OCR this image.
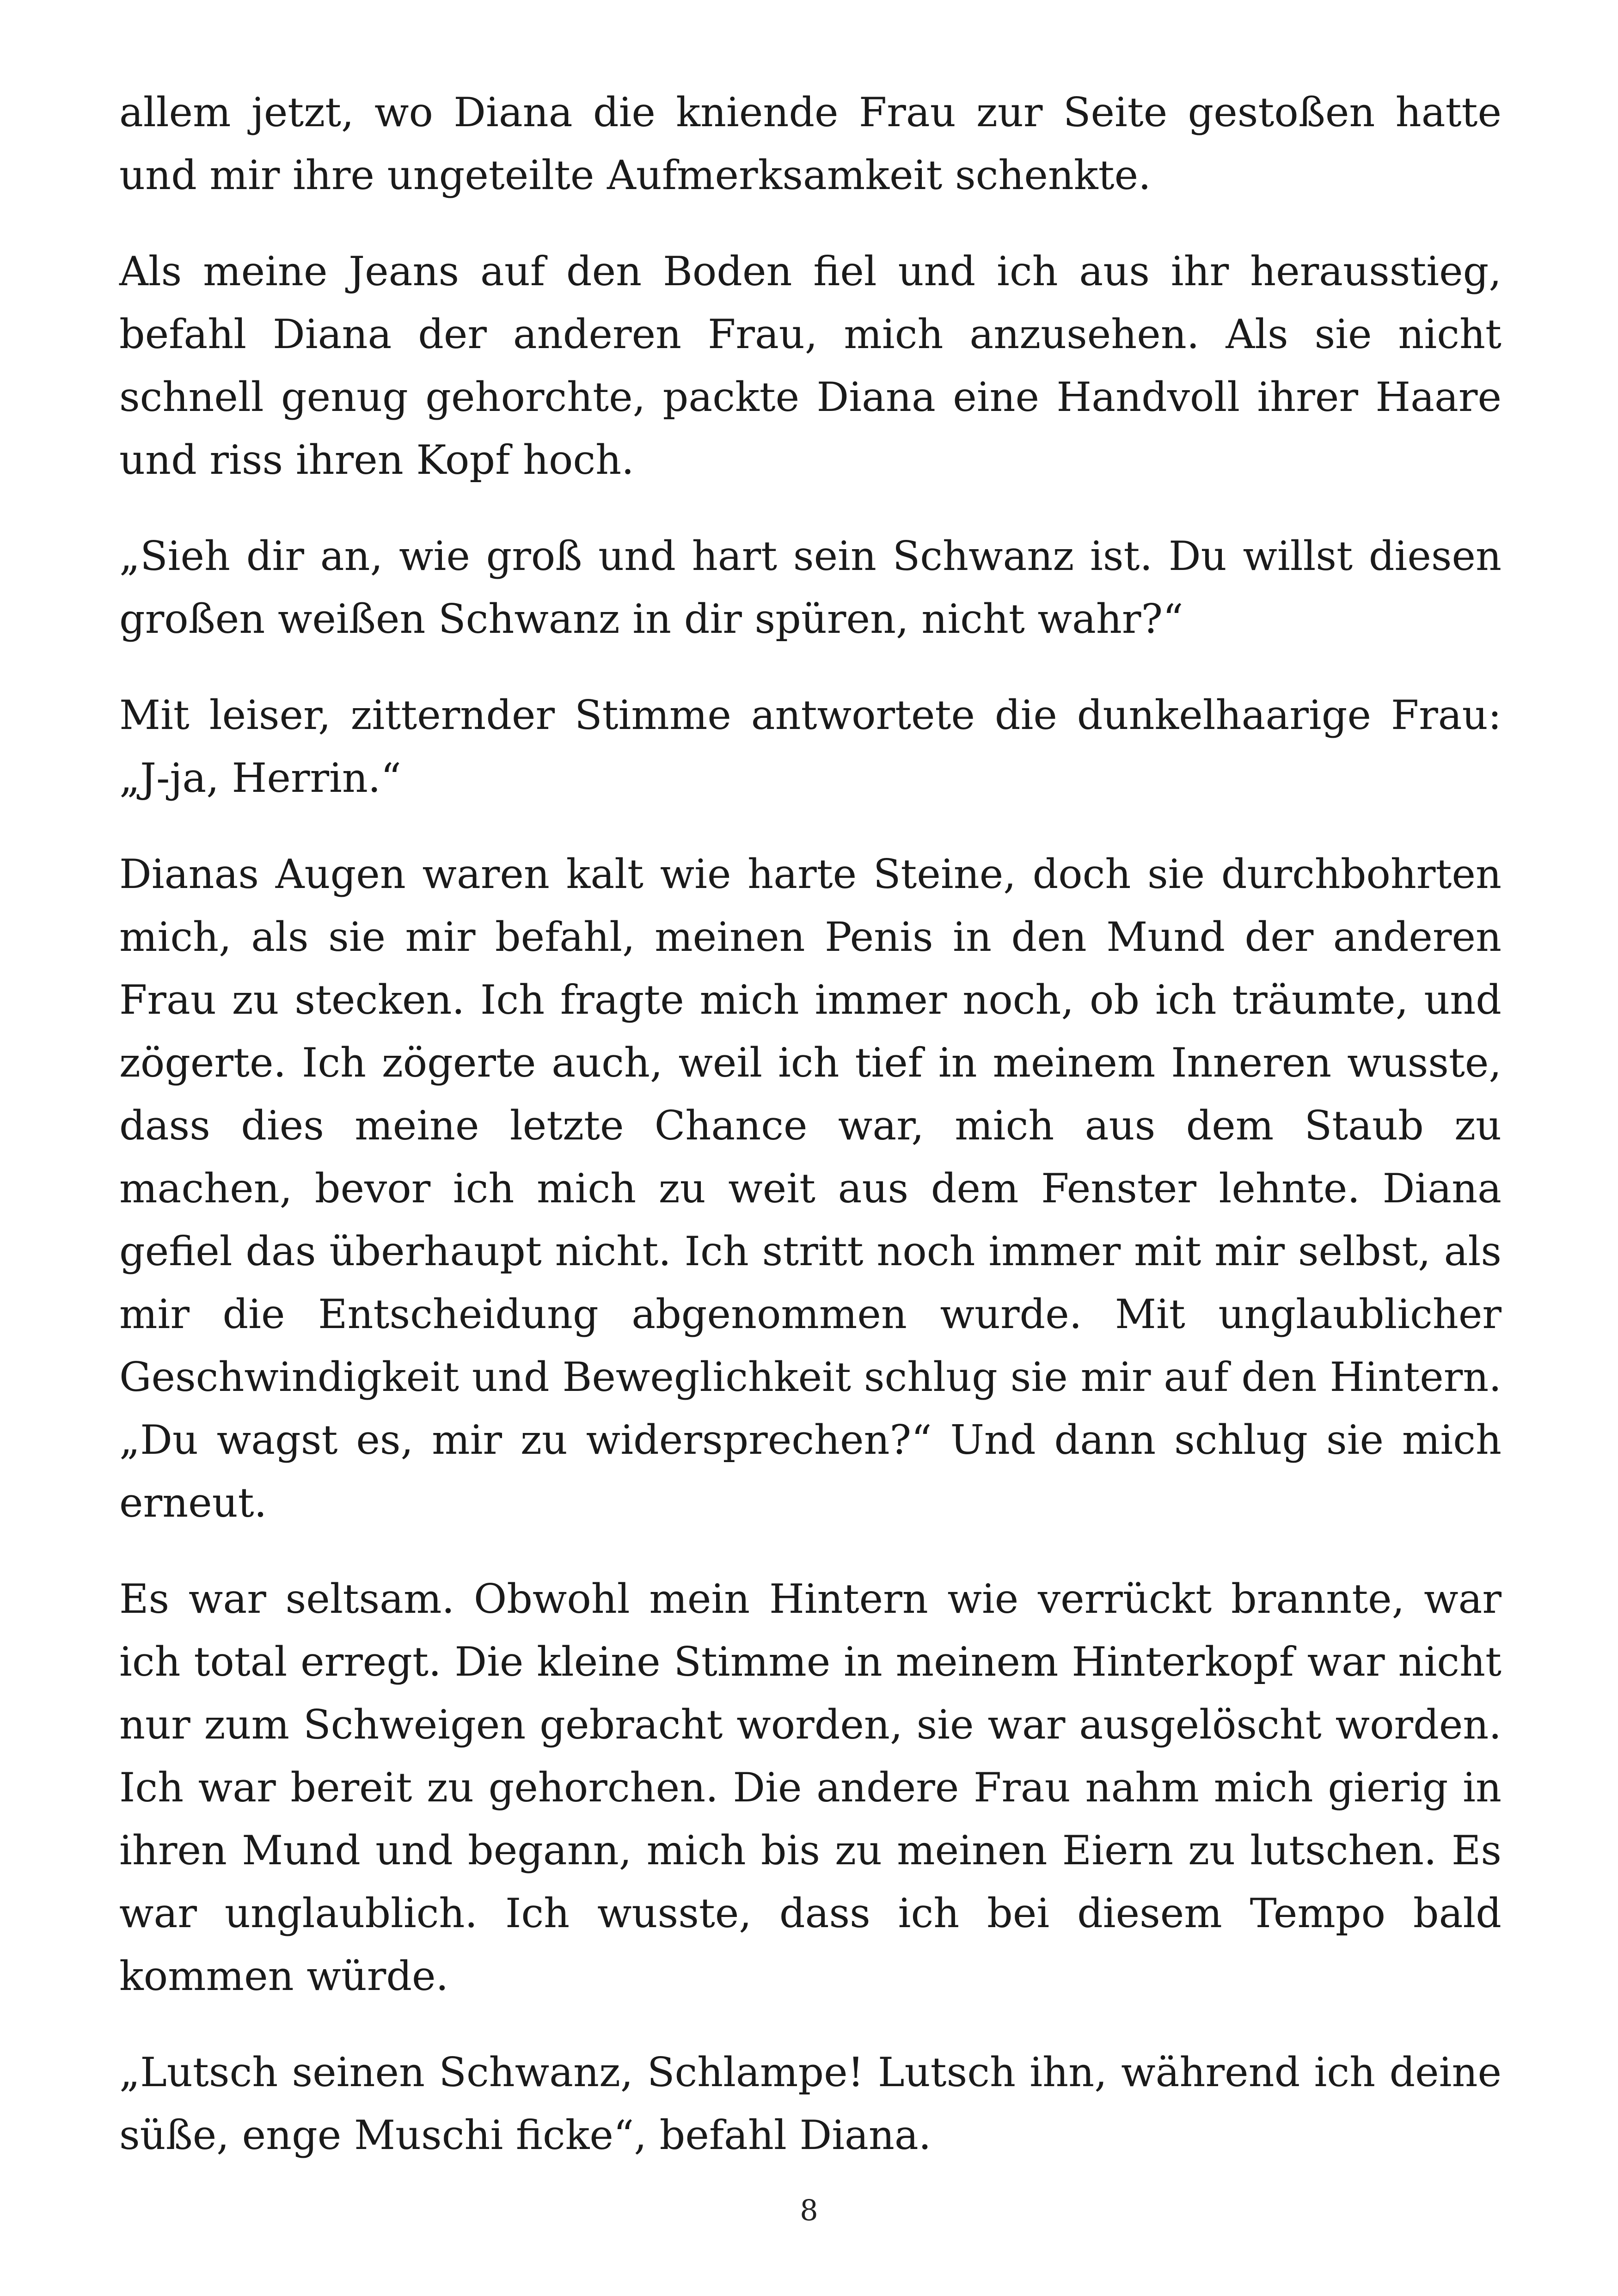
allem jetzt, wo Diana die kniende Frau zur Seite gestoßen hatte und mir ihre ungeteilte Aufmerksamkeit schenkte.

Als meine Jeans auf den Boden fiel und ich aus ihr herausstieg, befahl Diana der anderen Frau, mich anzusehen. Als sie nicht schnell genug gehorchte, packte Diana eine Handvoll ihrer Haare und riss ihren Kopf hoch.

„Sieh dir an, wie groß und hart sein Schwanz ist. Du willst diesen großen weißen Schwanz in dir spüren, nicht wahr?“

Mit leiser, zitternder Stimme antwortete die dunkelhaarige Frau: „J-ja, Herrin.“

Dianas Augen waren kalt wie harte Steine, doch sie durchbohrten mich, als sie mir befahl, meinen Penis in den Mund der anderen Frau zu stecken. Ich fragte mich immer noch, ob ich träumte, und zögerte. Ich zögerte auch, weil ich tief in meinem Inneren wusste, dass dies meine letzte Chance war, mich aus dem Staub zu machen, bevor ich mich zu weit aus dem Fenster lehnte. Diana gefiel das überhaupt nicht. Ich stritt noch immer mit mir selbst, als mir die Entscheidung abgenommen wurde. Mit unglaublicher Geschwindigkeit und Beweglichkeit schlug sie mir auf den Hintern. „Du wagst es, mir zu widersprechen?“ Und dann schlug sie mich erneut.

Es war seltsam. Obwohl mein Hintern wie verrückt brannte, war ich total erregt. Die kleine Stimme in meinem Hinterkopf war nicht nur zum Schweigen gebracht worden, sie war ausgelöscht worden. Ich war bereit zu gehorchen. Die andere Frau nahm mich gierig in ihren Mund und begann, mich bis zu meinen Eiern zu lutschen. Es war unglaublich. Ich wusste, dass ich bei diesem Tempo bald kommen würde.

„Lutsch seinen Schwanz, Schlampe! Lutsch ihn, während ich deine süße, enge Muschi ficke“, befahl Diana.

8
